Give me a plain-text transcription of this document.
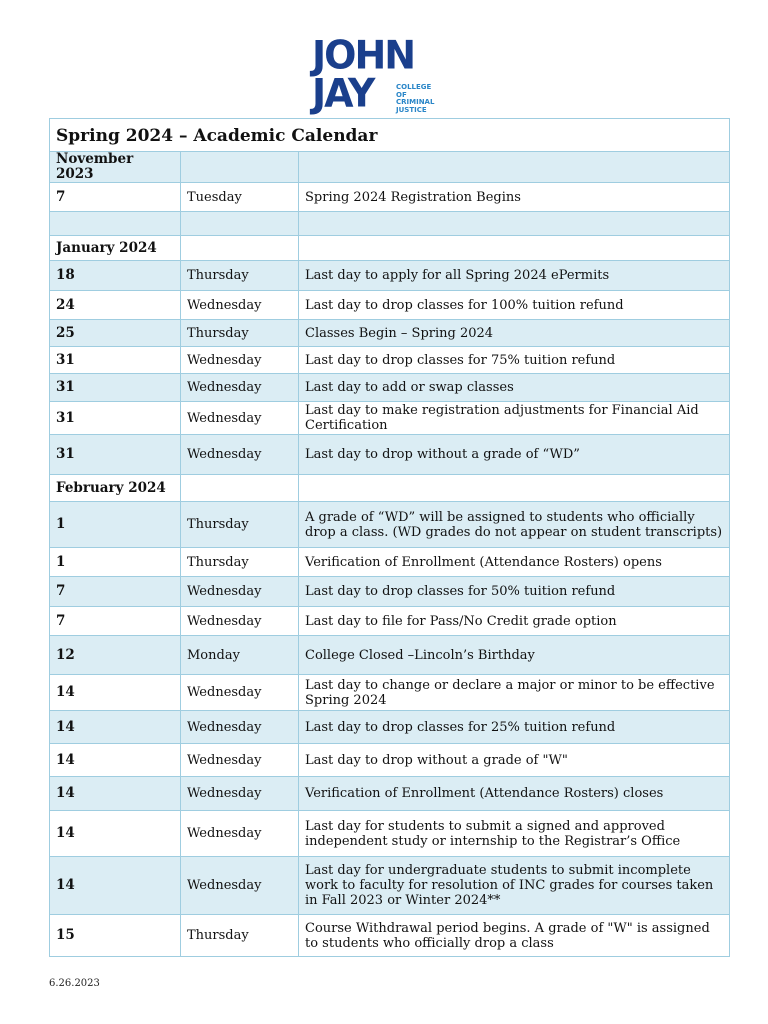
JOHN
JAY	COLLEGE
OF
CRIMINAL
JUSTICE
Spring 2024 – Academic Calendar		
November 2023		
7	Tuesday	Spring 2024 Registration Begins

January 2024		
18	Thursday	Last day to apply for all Spring 2024 ePermits
24	Wednesday	Last day to drop classes for 100% tuition refund
25	Thursday	Classes Begin – Spring 2024
31	Wednesday	Last day to drop classes for 75% tuition refund
31	Wednesday	Last day to add or swap classes
31	Wednesday	Last day to make registration adjustments for Financial Aid Certification
31	Wednesday	Last day to drop without a grade of “WD”
February 2024		
1	Thursday	A grade of “WD” will be assigned to students who officially drop a class. (WD grades do not appear on student transcripts)
1	Thursday	Verification of Enrollment (Attendance Rosters) opens
7	Wednesday	Last day to drop classes for 50% tuition refund
7	Wednesday	Last day to file for Pass/No Credit grade option
12	Monday	College Closed –Lincoln’s Birthday
14	Wednesday	Last day to change or declare a major or minor to be effective Spring 2024
14	Wednesday	Last day to drop classes for 25% tuition refund
14	Wednesday	Last day to drop without a grade of "W"
14	Wednesday	Verification of Enrollment (Attendance Rosters) closes
14	Wednesday	Last day for students to submit a signed and approved independent study or internship to the Registrar’s Office
14	Wednesday	Last day for undergraduate students to submit incomplete work to faculty for resolution of INC grades for courses taken in Fall 2023 or Winter 2024**
15	Thursday	Course Withdrawal period begins. A grade of "W" is assigned to students who officially drop a class
6.26.2023
